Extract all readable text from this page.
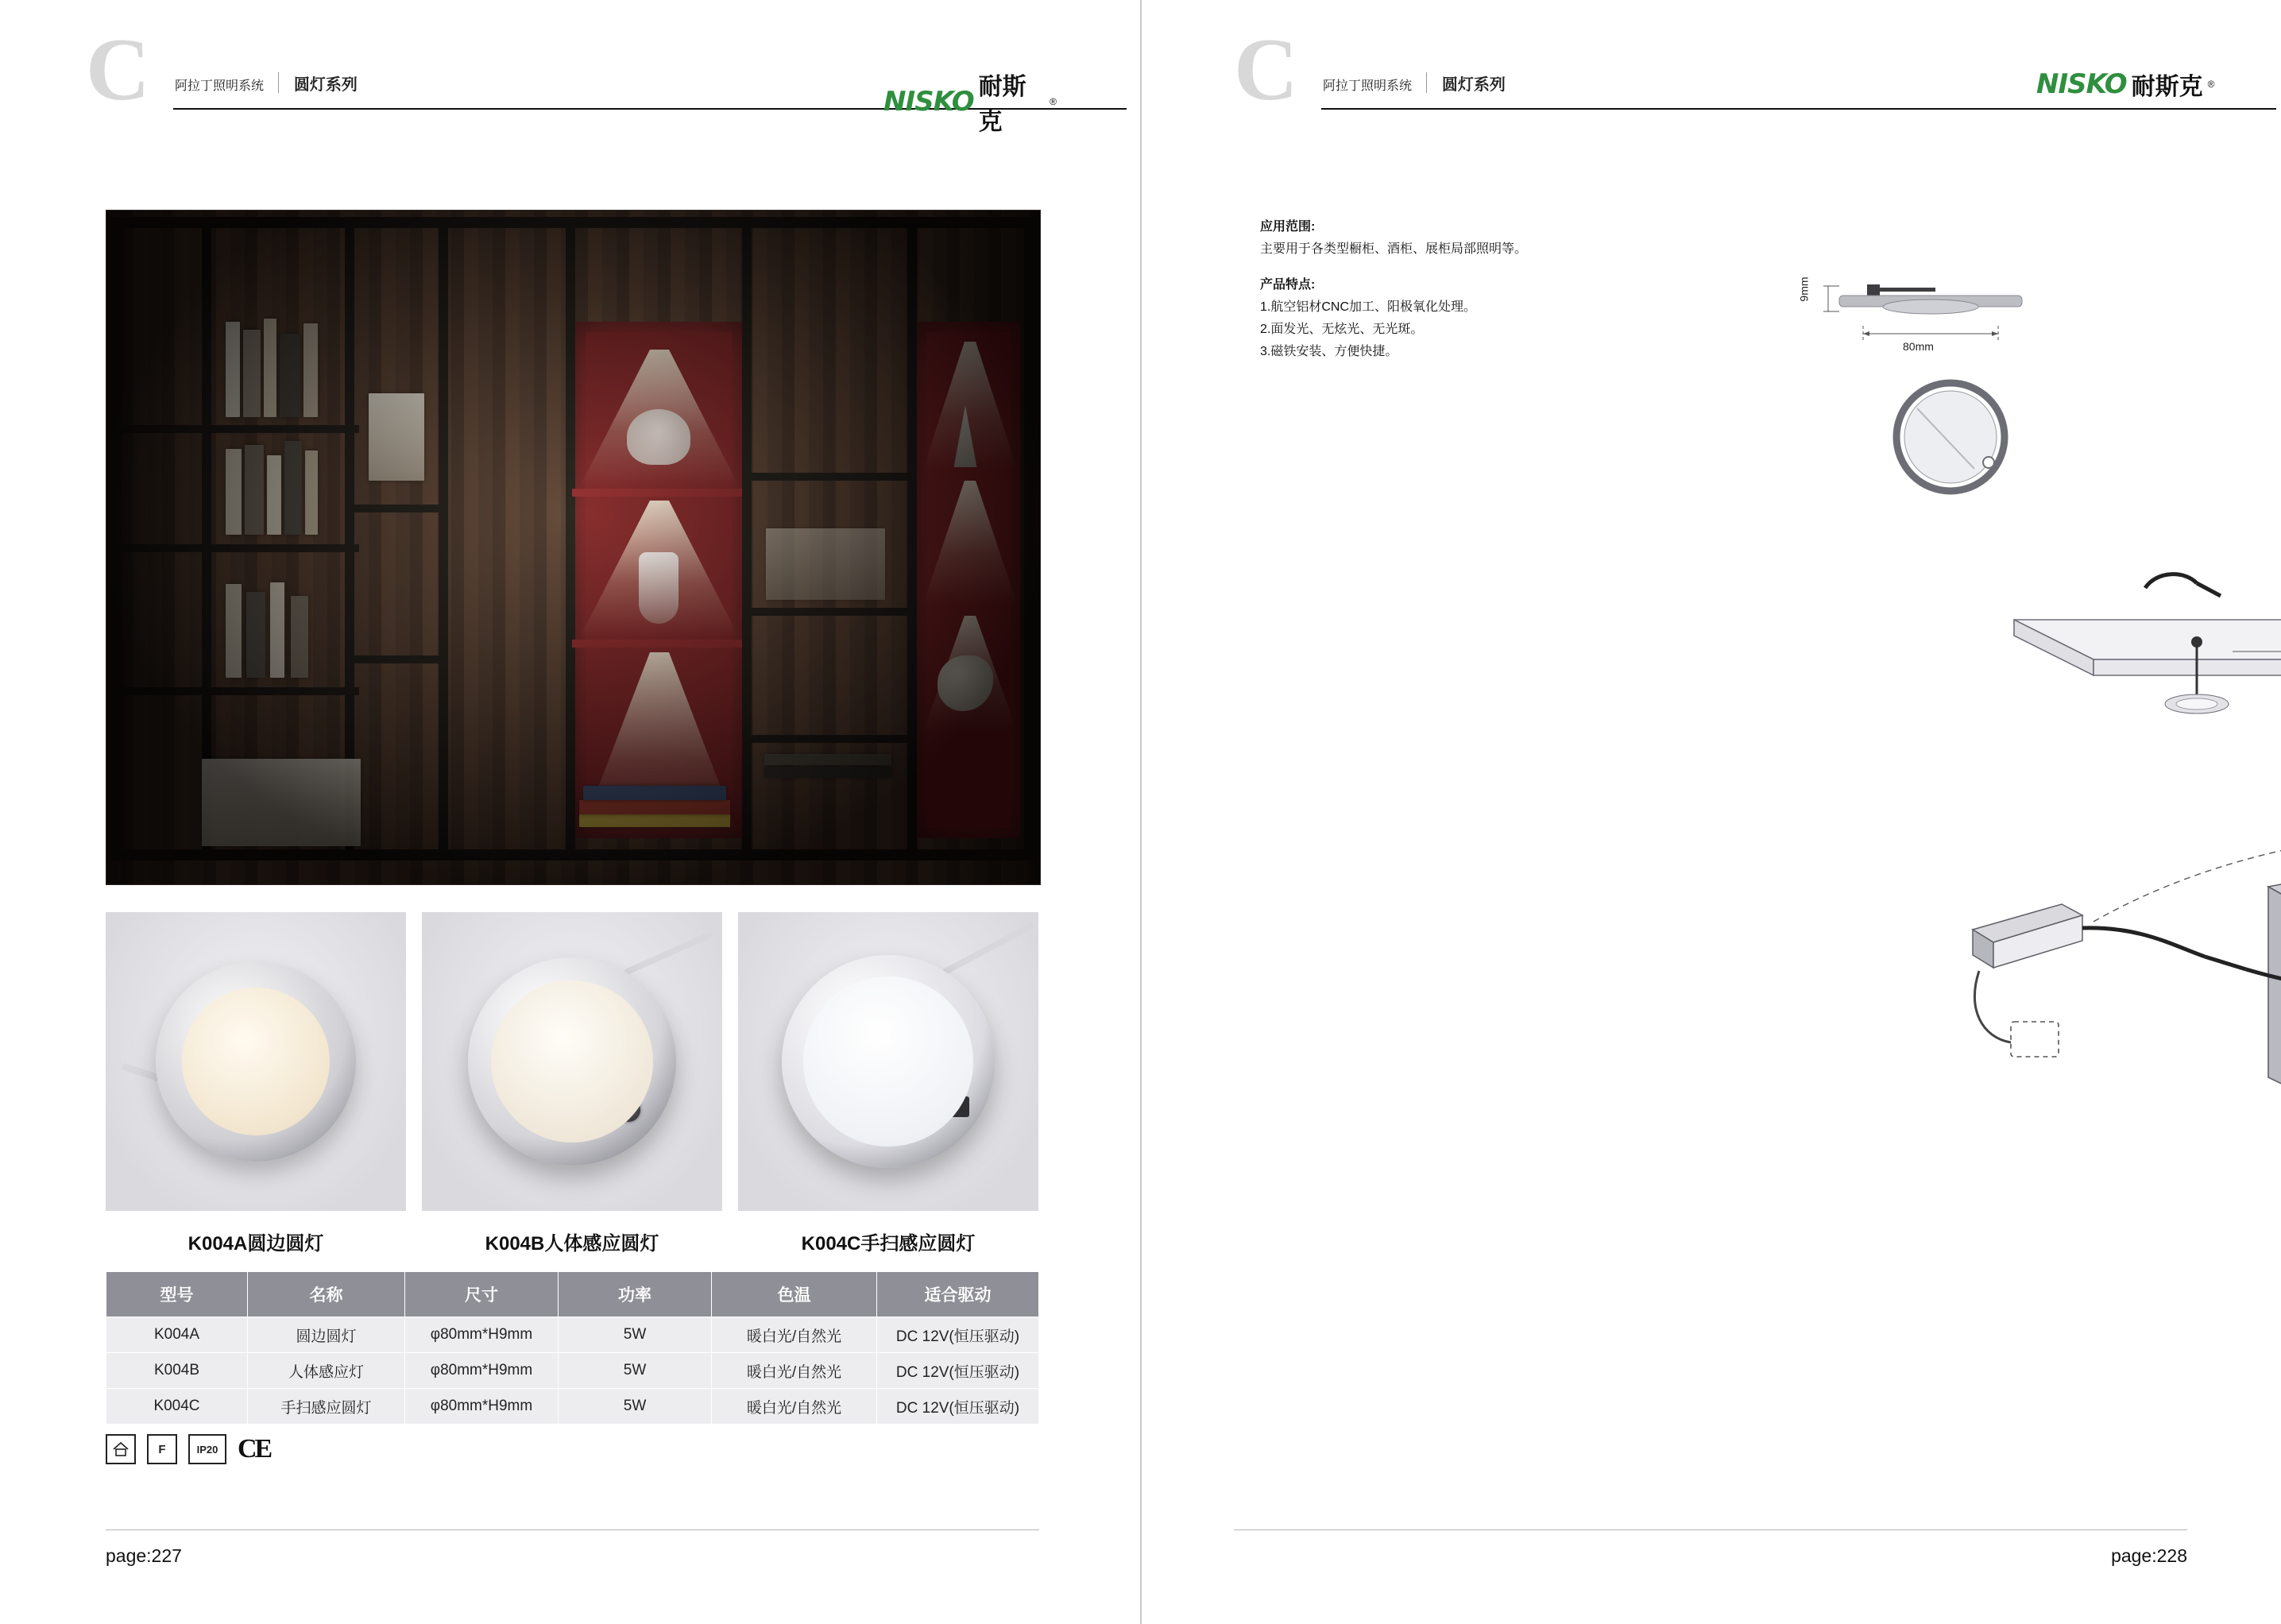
C 阿拉丁照明系统 圆灯系列
NISKO 耐斯克
®
K004A圆边圆灯	K004B人体感应圆灯	K004C手扫感应圆灯
型号	名称	尺寸	功率	色温	适合驱动
K004A	圆边圆灯	φ80mm*H9mm	5W	暖白光/自然光	DC 12V(恒压驱动)
K004B	人体感应灯	φ80mm*H9mm	5W	暖白光/自然光	DC 12V(恒压驱动)
K004C	手扫感应圆灯	φ80mm*H9mm	5W	暖白光/自然光	DC 12V(恒压驱动)
F	IP20 CE
page:227
C 阿拉丁照明系统 圆灯系列	NISKO 耐斯克 ®
应用范围:
主要用于各类型橱柜、酒柜、展柜局部照明等。
产品特点:
1.航空铝材CNC加工、阳极氧化处理。
2.面发光、无炫光、无光斑。
3.磁铁安装、方便快捷。
9mm
80mm

page:228
